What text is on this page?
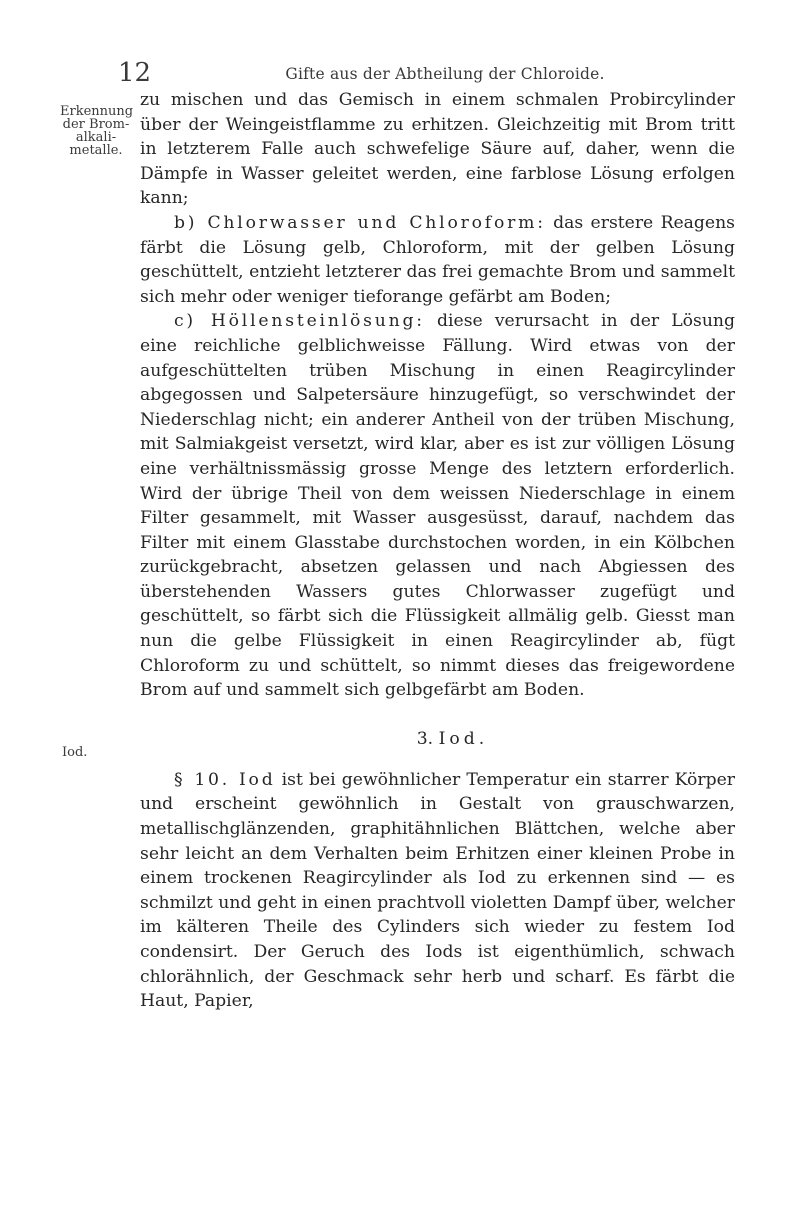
12	Gifte aus der Abtheilung der Chloroide.

Erkennung der Brom-alkali-metalle.

Iod.

zu mischen und das Gemisch in einem schmalen Probircylinder über der Weingeistflamme zu erhitzen. Gleichzeitig mit Brom tritt in letzterem Falle auch schwefelige Säure auf, daher, wenn die Dämpfe in Wasser geleitet werden, eine farblose Lösung erfolgen kann;

b) Chlorwasser und Chloroform: das erstere Reagens färbt die Lösung gelb, Chloroform, mit der gelben Lösung geschüttelt, entzieht letzterer das frei gemachte Brom und sammelt sich mehr oder weniger tieforange gefärbt am Boden;

c) Höllensteinlösung: diese verursacht in der Lösung eine reichliche gelblichweisse Fällung. Wird etwas von der aufgeschüttelten trüben Mischung in einen Reagircylinder abgegossen und Salpetersäure hinzugefügt, so verschwindet der Niederschlag nicht; ein anderer Antheil von der trüben Mischung, mit Salmiakgeist versetzt, wird klar, aber es ist zur völligen Lösung eine verhältnissmässig grosse Menge des letztern erforderlich. Wird der übrige Theil von dem weissen Niederschlage in einem Filter gesammelt, mit Wasser ausgesüsst, darauf, nachdem das Filter mit einem Glasstabe durchstochen worden, in ein Kölbchen zurückgebracht, absetzen gelassen und nach Abgiessen des überstehenden Wassers gutes Chlorwasser zugefügt und geschüttelt, so färbt sich die Flüssigkeit allmälig gelb. Giesst man nun die gelbe Flüssigkeit in einen Reagircylinder ab, fügt Chloroform zu und schüttelt, so nimmt dieses das freigewordene Brom auf und sammelt sich gelbgefärbt am Boden.

3. Iod.

§ 10. Iod ist bei gewöhnlicher Temperatur ein starrer Körper und erscheint gewöhnlich in Gestalt von grauschwarzen, metallischglänzenden, graphitähnlichen Blättchen, welche aber sehr leicht an dem Verhalten beim Erhitzen einer kleinen Probe in einem trockenen Reagircylinder als Iod zu erkennen sind — es schmilzt und geht in einen prachtvoll violetten Dampf über, welcher im kälteren Theile des Cylinders sich wieder zu festem Iod condensirt. Der Geruch des Iods ist eigenthümlich, schwach chlorähnlich, der Geschmack sehr herb und scharf. Es färbt die Haut, Papier,
